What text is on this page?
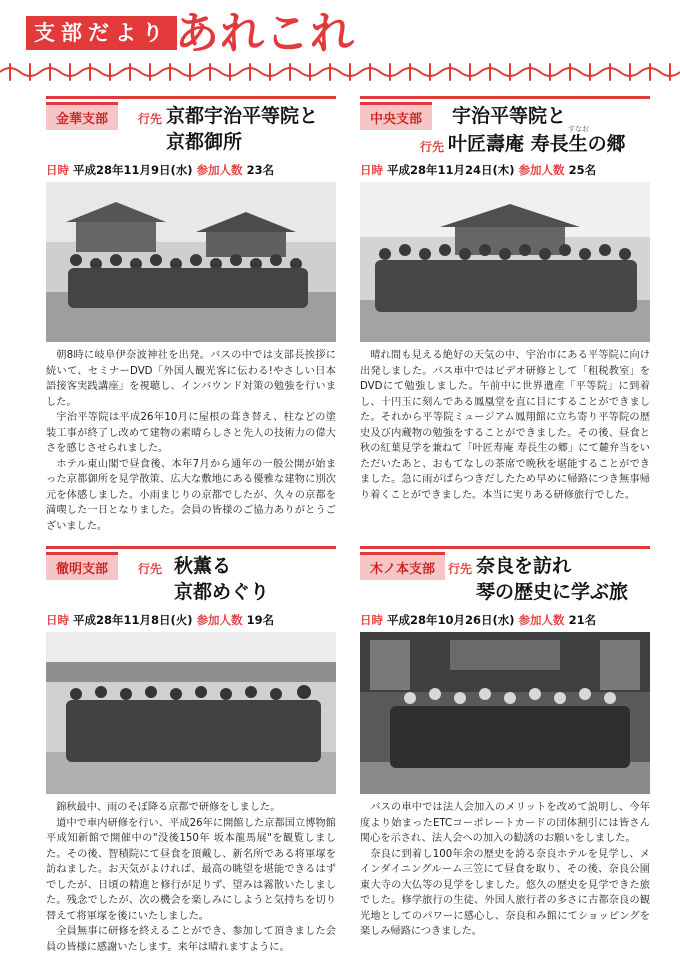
支部だより あれこれ
金華支部	行先 京都宇治平等院と
京都御所
日時 平成28年11月9日(水) 参加人数 23名

朝8時に岐阜伊奈波神社を出発。バスの中では支部長挨拶に続いて、セミナーDVD「外国人観光客に伝わる!やさしい日本語接客実践講座」を視聴し、インバウンド対策の勉強を行いました。

宇治平等院は平成26年10月に屋根の葺き替え、柱などの塗装工事が終了し改めて建物の素晴らしさと先人の技術力の偉大さを感じさせられました。

ホテル東山閣で昼食後、本年7月から通年の一般公開が始まった京都御所を見学散策、広大な敷地にある優雅な建物に別次元を体感しました。小雨まじりの京都でしたが、久々の京都を満喫した一日となりました。会員の皆様のご協力ありがとうございました。

中央支部	宇治平等院と
行先
すなお
叶匠壽庵 寿長生の郷
日時 平成28年11月24日(木) 参加人数 25名

晴れ間も見える絶好の天気の中、宇治市にある平等院に向け出発しました。バス車中ではビデオ研修として「租税教室」をDVDにて勉強しました。午前中に世界遺産「平等院」に到着し、十円玉に刻んである鳳凰堂を直に目にすることができました。それから平等院ミュージアム鳳翔館に立ち寄り平等院の歴史及び内蔵物の勉強をすることができました。その後、昼食と秋の紅葉見学を兼ねて「叶匠寿庵 寿長生の郷」にて麓弁当をいただいたあと、おもてなしの茶席で晩秋を堪能することができました。急に雨がぱらつきだしたため早めに帰路につき無事帰り着くことができました。本当に実りある研修旅行でした。

徹明支部	行先 秋薫る
京都めぐり
日時 平成28年11月8日(火) 参加人数 19名

錦秋最中、雨のそぼ降る京都で研修をしました。

道中で車内研修を行い、平成26年に開館した京都国立博物館平成知新館で開催中の"没後150年 坂本龍馬展"を観覧しました。その後、智積院にて昼食を頂戴し、新名所である将軍塚を訪ねました。お天気がよければ、最高の眺望を堪能できるはずでしたが、日頃の精進と修行が足りず、望みは霧散いたしました。残念でしたが、次の機会を楽しみにしようと気持ちを切り替えて将軍塚を後にいたしました。

全員無事に研修を終えることができ、参加して頂きました会員の皆様に感謝いたします。来年は晴れますように。

木ノ本支部	行先 奈良を訪れ
琴の歴史に学ぶ旅
日時 平成28年10月26日(水) 参加人数 21名

バスの車中では法人会加入のメリットを改めて説明し、今年度より始まったETCコーポレートカードの団体割引には皆さん関心を示され、法人会への加入の勧誘のお願いをしました。

奈良に到着し100年余の歴史を誇る奈良ホテルを見学し、メインダイニングルーム三笠にて昼食を取り、その後、奈良公園東大寺の大仏等の見学をしました。悠久の歴史を見学できた旅でした。修学旅行の生徒、外国人旅行者の多さに古都奈良の観光地としてのパワーに感心し、奈良和み館にてショッピングを楽しみ帰路につきました。
